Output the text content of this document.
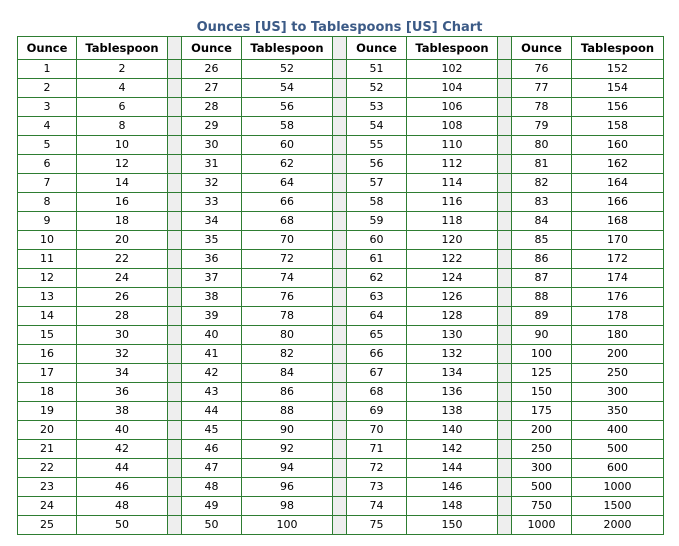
Ounces [US] to Tablespoons [US] Chart
Ounce	Tablespoon		Ounce	Tablespoon		Ounce	Tablespoon		Ounce	Tablespoon
1	2		26	52		51	102		76	152
2	4		27	54		52	104		77	154
3	6		28	56		53	106		78	156
4	8		29	58		54	108		79	158
5	10		30	60		55	110		80	160
6	12		31	62		56	112		81	162
7	14		32	64		57	114		82	164
8	16		33	66		58	116		83	166
9	18		34	68		59	118		84	168
10	20		35	70		60	120		85	170
11	22		36	72		61	122		86	172
12	24		37	74		62	124		87	174
13	26		38	76		63	126		88	176
14	28		39	78		64	128		89	178
15	30		40	80		65	130		90	180
16	32		41	82		66	132		100	200
17	34		42	84		67	134		125	250
18	36		43	86		68	136		150	300
19	38		44	88		69	138		175	350
20	40		45	90		70	140		200	400
21	42		46	92		71	142		250	500
22	44		47	94		72	144		300	600
23	46		48	96		73	146		500	1000
24	48		49	98		74	148		750	1500
25	50		50	100		75	150		1000	2000
